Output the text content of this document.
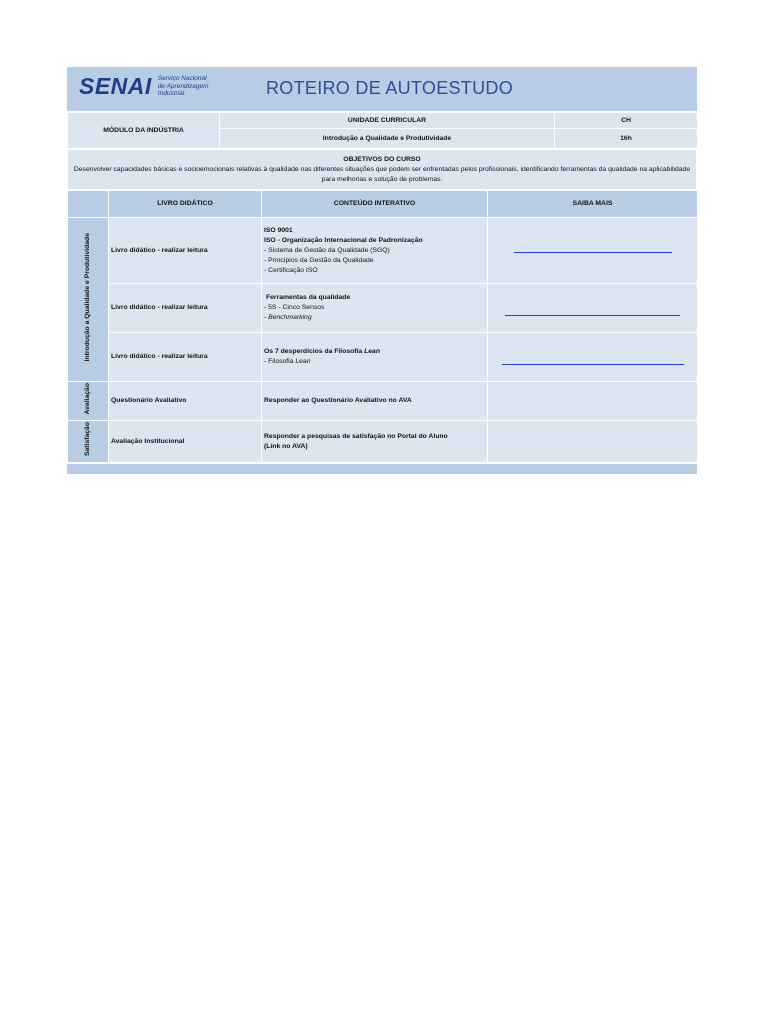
SENAI Serviço Nacional
de Aprendizagem
Industrial	ROTEIRO DE AUTOESTUDO
MÓDULO DA INDÚSTRIA	UNIDADE CURRICULAR	CH
	Introdução a Qualidade e Produtividade	16h
OBJETIVOS DO CURSO
Desenvolver capacidades básicas e socioemocionais relativas à qualidade nas diferentes situações que podem ser enfrentadas pelos profissionais, identificando ferramentas da qualidade na aplicabilidade para melhorias e solução de problemas.
	LIVRO DIDÁTICO	CONTEÚDO INTERATIVO	SAIBA MAIS
Introdução a Qualidade e Produtividade	Livro didático - realizar leitura	ISO 9001
ISO - Organização Internacional de Padronização
- Sistema de Gestão da Qualidade (SGQ)
- Princípios da Gestão da Qualidade
- Certificação ISO	

	Livro didático - realizar leitura	Ferramentas da qualidade
- 5S - Cinco Sensos
- Benchmarking	

	Livro didático - realizar leitura	Os 7 desperdícios da Filosofia Lean
- Filosofia Lean	

Avaliação	Questionário Avaliativo	Responder ao Questionário Avaliativo no AVA	
Satisfação	Avaliação Institucional	Responder a pesquisas de satisfação no Portal do Aluno
(Link no AVA)	
